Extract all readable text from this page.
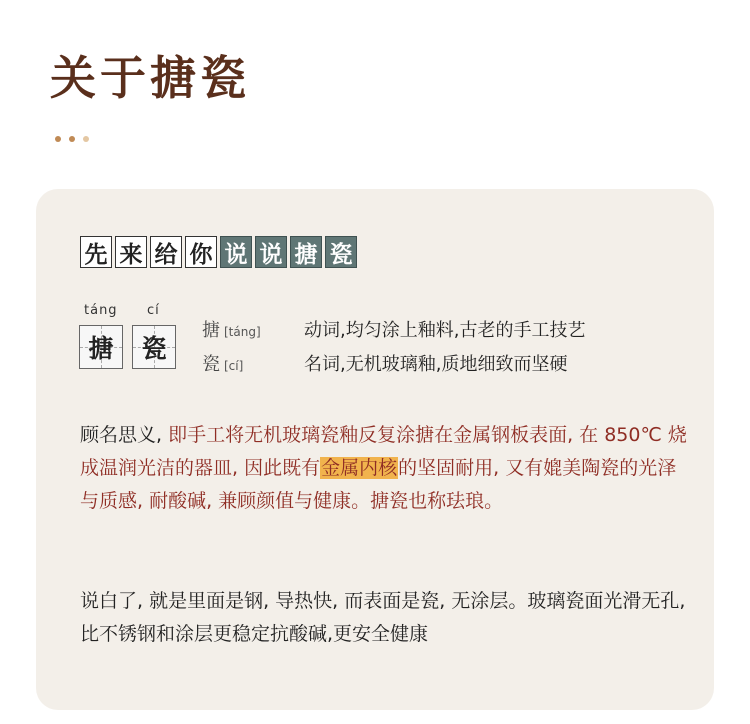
关于搪瓷
先 来 给 你 说 说 搪 瓷
táng cí
搪 瓷
搪 [táng]	动词,均匀涂上釉料,古老的手工技艺
瓷 [cí]	名词,无机玻璃釉,质地细致而坚硬

顾名思义, 即手工将无机玻璃瓷釉反复涂搪在金属钢板表面, 在 850℃ 烧成温润光洁的器皿, 因此既有金属内核的坚固耐用, 又有媲美陶瓷的光泽与质感, 耐酸碱, 兼顾颜值与健康。搪瓷也称珐琅。

说白了, 就是里面是钢, 导热快, 而表面是瓷, 无涂层。玻璃瓷面光滑无孔,比不锈钢和涂层更稳定抗酸碱,更安全健康
